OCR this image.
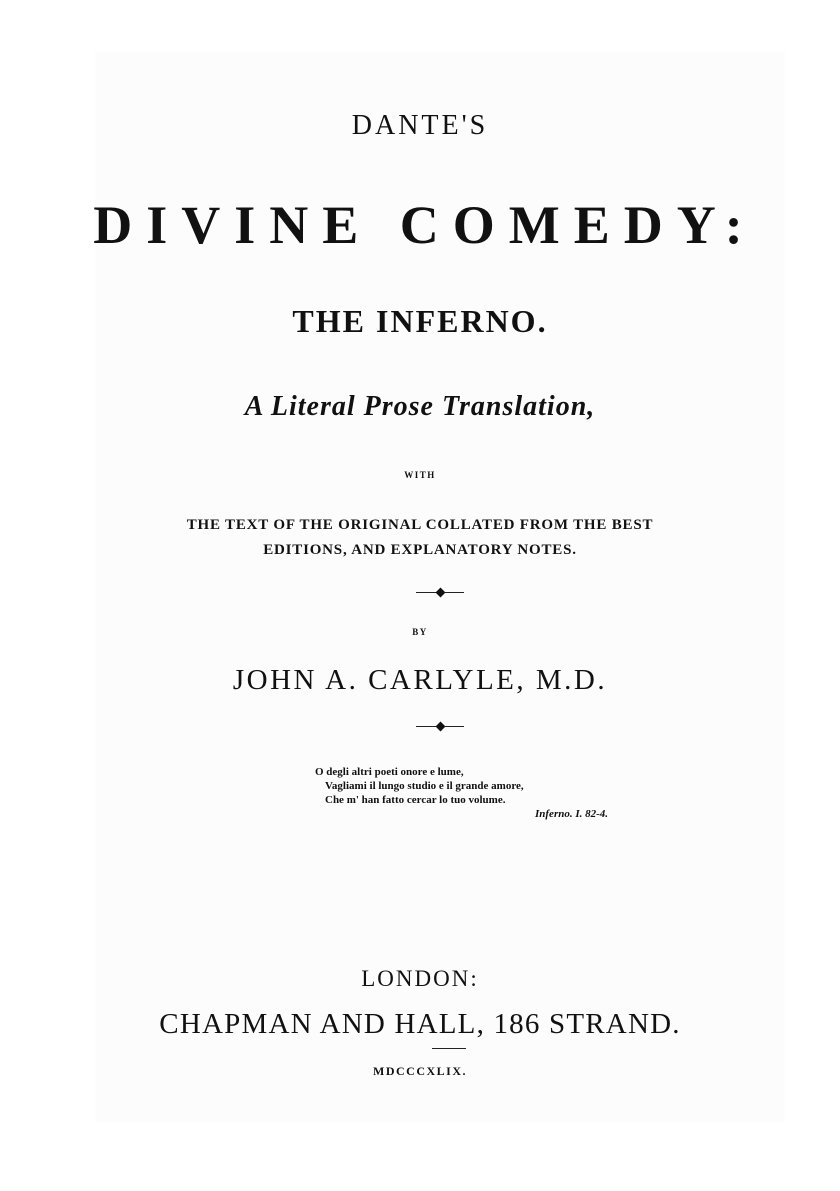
DANTE'S

DIVINE COMEDY:

THE INFERNO.

A Literal Prose Translation,

WITH

THE TEXT OF THE ORIGINAL COLLATED FROM THE BEST
EDITIONS, AND EXPLANATORY NOTES.

BY

JOHN A. CARLYLE, M.D.

O degli altri poeti onore e lume,
Vagliami il lungo studio e il grande amore,
Che m' han fatto cercar lo tuo volume.
Inferno. I. 82-4.

LONDON:

CHAPMAN AND HALL, 186 STRAND.

MDCCCXLIX.
